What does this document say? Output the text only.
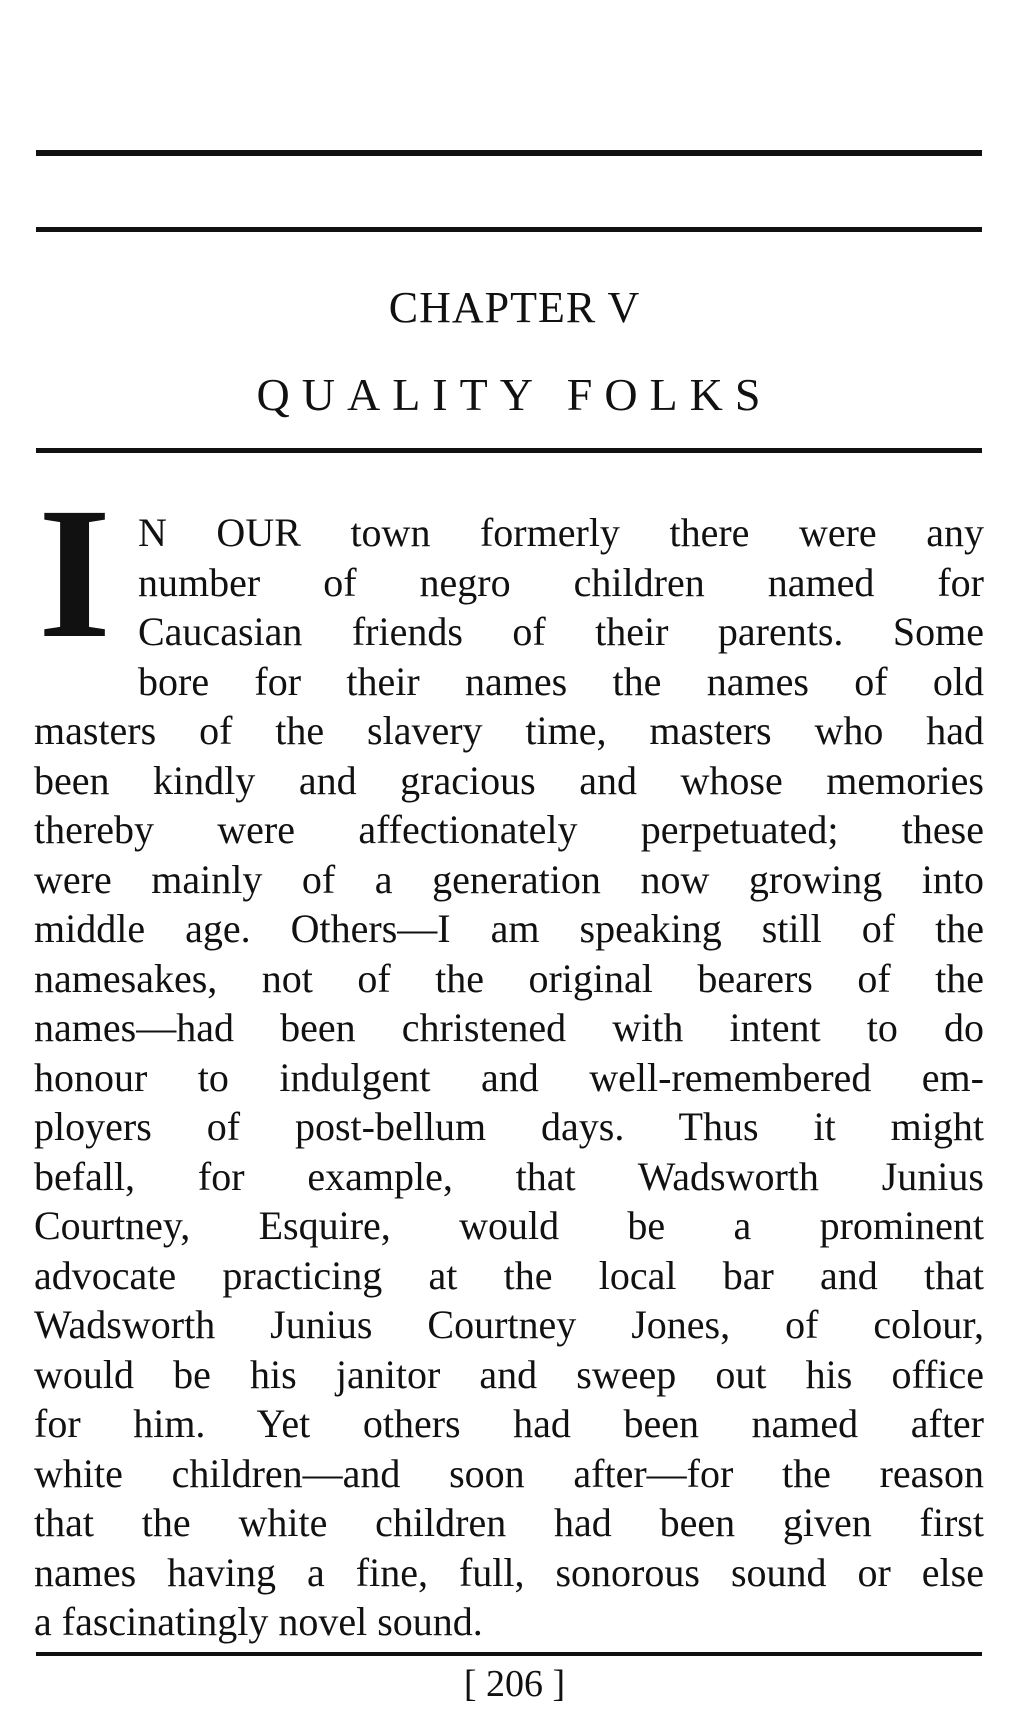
CHAPTER V
QUALITY FOLKS
I N OUR town formerly there were any
number of negro children named for
Caucasian friends of their parents. Some
bore for their names the names of old
masters of the slavery time, masters who had
been kindly and gracious and whose memories
thereby were affectionately perpetuated; these
were mainly of a generation now growing into
middle age. Others—I am speaking still of the
namesakes, not of the original bearers of the
names—had been christened with intent to do
honour to indulgent and well-remembered em-
ployers of post-bellum days. Thus it might
befall, for example, that Wadsworth Junius
Courtney, Esquire, would be a prominent
advocate practicing at the local bar and that
Wadsworth Junius Courtney Jones, of colour,
would be his janitor and sweep out his office
for him. Yet others had been named after
white children—and soon after—for the reason
that the white children had been given first
names having a fine, full, sonorous sound or else
a fascinatingly novel sound.
[ 206 ]
